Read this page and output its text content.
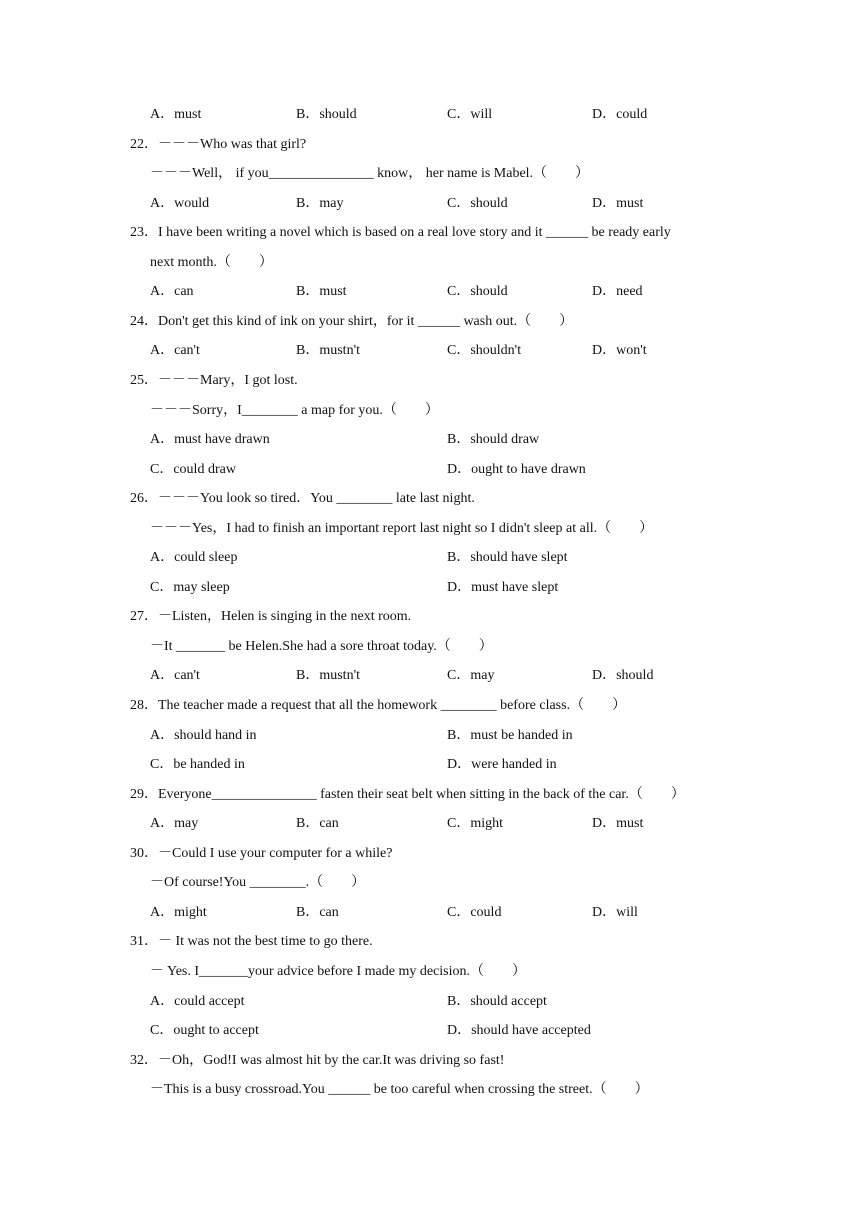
A．must	B．should	C．will	D．could
22．－－－Who was that girl?
－－－Well， if you_______________ know， her name is Mabel.（　　）
A．would	B．may	C．should	D．must
23．I have been writing a novel which is based on a real love story and it ______ be ready early
next month.（　　）
A．can	B．must	C．should	D．need
24．Don't get this kind of ink on your shirt，for it ______ wash out.（　　）
A．can't	B．mustn't	C．shouldn't	D．won't
25．－－－Mary，I got lost.
－－－Sorry，I________ a map for you.（　　）
A．must have drawn	B．should draw
C．could draw	D．ought to have drawn
26．－－－You look so tired．You ________ late last night.
－－－Yes，I had to finish an important report last night so I didn't sleep at all.（　　）
A．could sleep	B．should have slept
C．may sleep	D．must have slept
27．－Listen，Helen is singing in the next room.
－It _______ be Helen.She had a sore throat today.（　　）
A．can't	B．mustn't	C．may	D．should
28．The teacher made a request that all the homework ________ before class.（　　）
A．should hand in	B．must be handed in
C．be handed in	D．were handed in
29．Everyone_______________ fasten their seat belt when sitting in the back of the car.（　　）
A．may	B．can	C．might	D．must
30．－Could I use your computer for a while?
－Of course!You ________.（　　）
A．might	B．can	C．could	D．will
31．－ It was not the best time to go there.
－ Yes. I_______your advice before I made my decision.（　　）
A．could accept	B．should accept
C．ought to accept	D．should have accepted
32．－Oh，God!I was almost hit by the car.It was driving so fast!
－This is a busy crossroad.You ______ be too careful when crossing the street.（　　）
